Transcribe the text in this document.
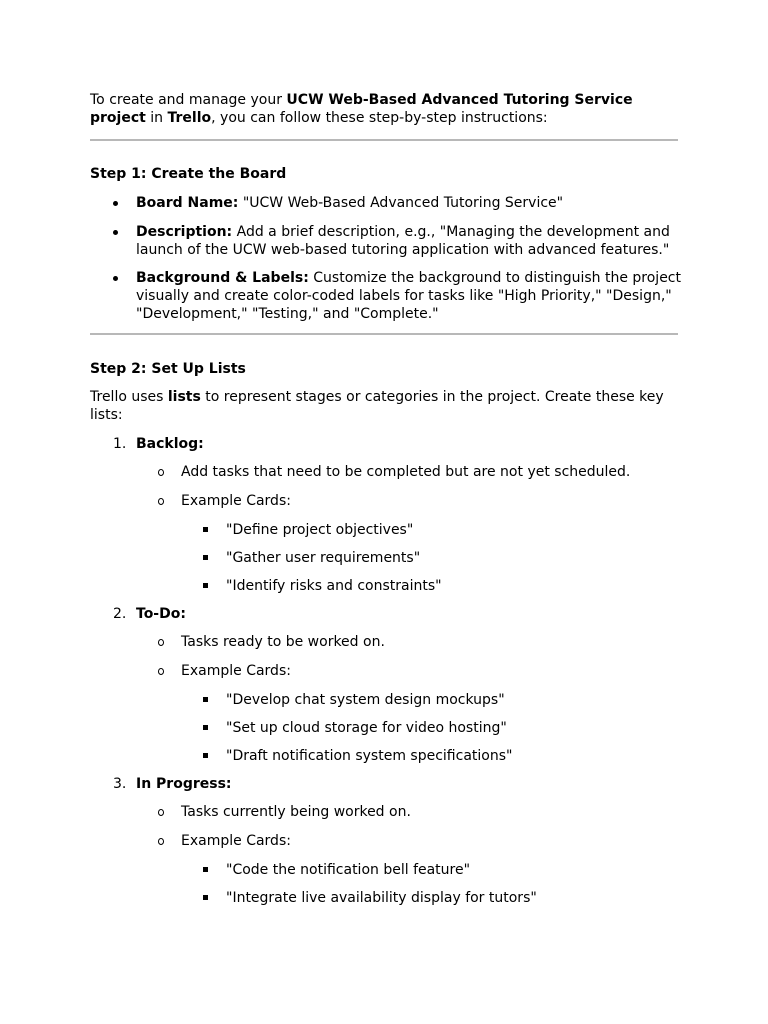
To create and manage your UCW Web-Based Advanced Tutoring Service project in Trello, you can follow these step-by-step instructions:
Step 1: Create the Board
Board Name: "UCW Web-Based Advanced Tutoring Service"
Description: Add a brief description, e.g., "Managing the development and launch of the UCW web-based tutoring application with advanced features."
Background & Labels: Customize the background to distinguish the project visually and create color-coded labels for tasks like "High Priority," "Design," "Development," "Testing," and "Complete."
Step 2: Set Up Lists
Trello uses lists to represent stages or categories in the project. Create these key lists:
1. Backlog:
Add tasks that need to be completed but are not yet scheduled.
Example Cards:
"Define project objectives"
"Gather user requirements"
"Identify risks and constraints"
2. To-Do:
Tasks ready to be worked on.
Example Cards:
"Develop chat system design mockups"
"Set up cloud storage for video hosting"
"Draft notification system specifications"
3. In Progress:
Tasks currently being worked on.
Example Cards:
"Code the notification bell feature"
"Integrate live availability display for tutors"
